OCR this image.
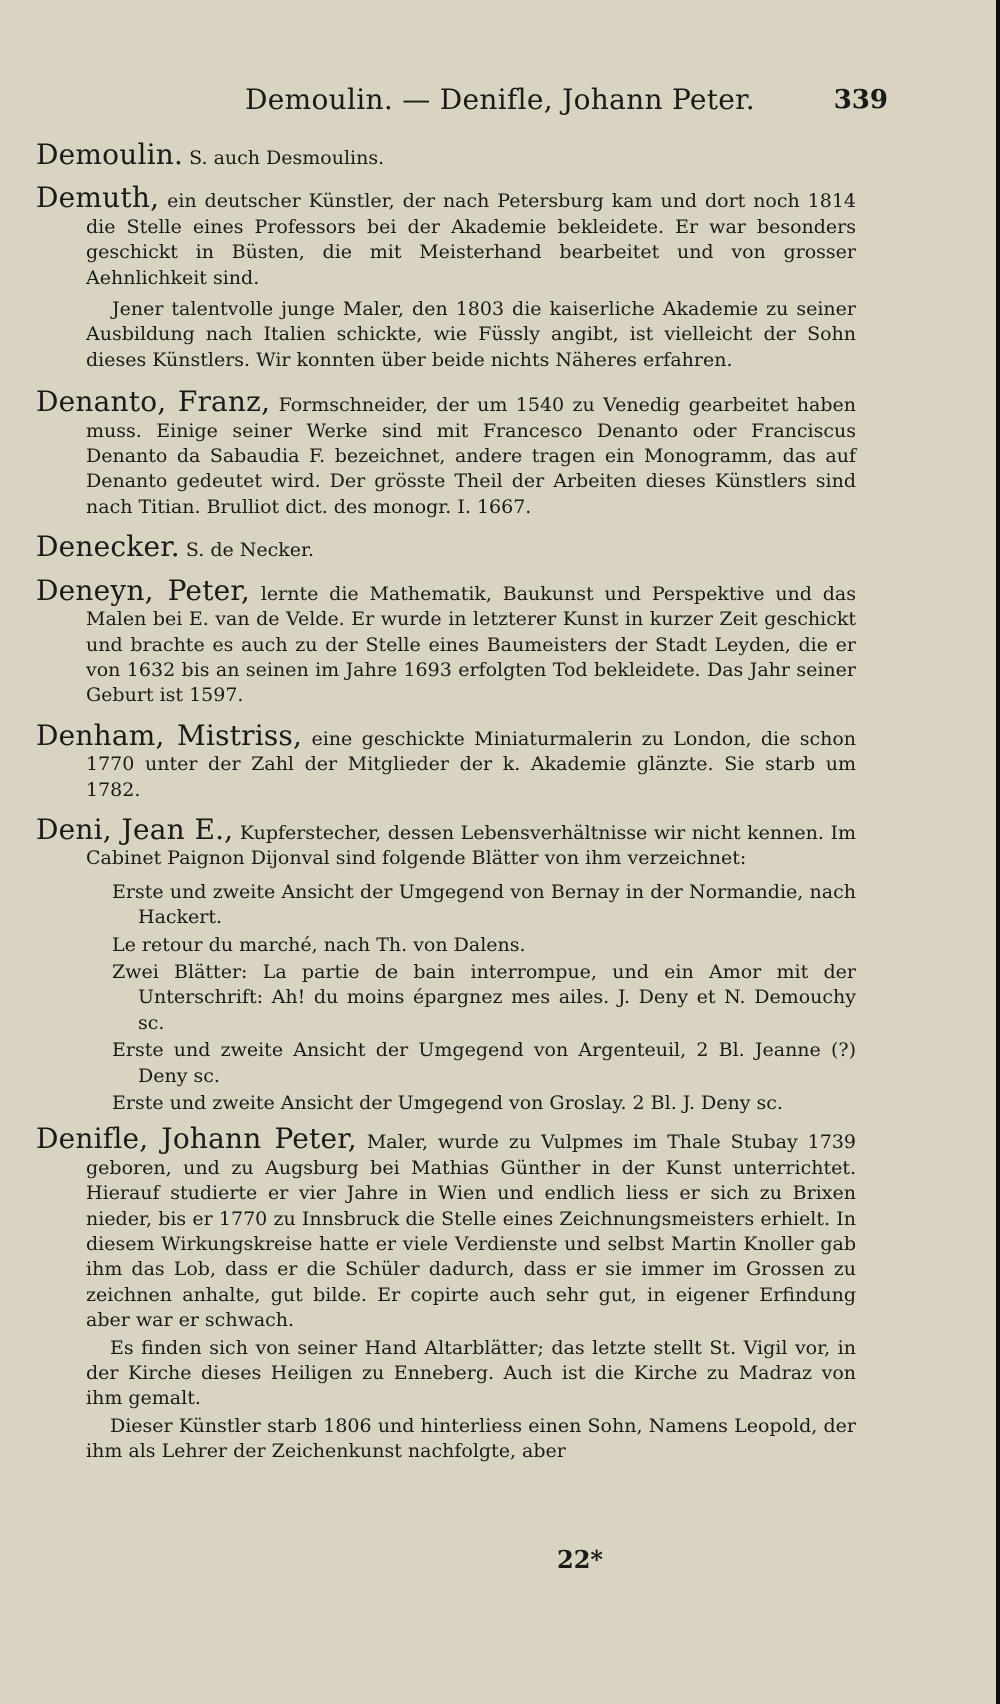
Demoulin. — Denifle, Johann Peter.	339

Demoulin. S. auch Desmoulins.

Demuth, ein deutscher Künstler, der nach Petersburg kam und dort noch 1814 die Stelle eines Professors bei der Akademie bekleidete. Er war besonders geschickt in Büsten, die mit Meisterhand bearbeitet und von grosser Aehnlichkeit sind.

Jener talentvolle junge Maler, den 1803 die kaiserliche Akademie zu seiner Ausbildung nach Italien schickte, wie Füssly angibt, ist vielleicht der Sohn dieses Künstlers. Wir konnten über beide nichts Näheres erfahren.

Denanto, Franz, Formschneider, der um 1540 zu Venedig gearbeitet haben muss. Einige seiner Werke sind mit Francesco Denanto oder Franciscus Denanto da Sabaudia F. bezeichnet, andere tragen ein Monogramm, das auf Denanto gedeutet wird. Der grösste Theil der Arbeiten dieses Künstlers sind nach Titian. Brulliot dict. des monogr. I. 1667.

Denecker. S. de Necker.

Deneyn, Peter, lernte die Mathematik, Baukunst und Perspektive und das Malen bei E. van de Velde. Er wurde in letzterer Kunst in kurzer Zeit geschickt und brachte es auch zu der Stelle eines Baumeisters der Stadt Leyden, die er von 1632 bis an seinen im Jahre 1693 erfolgten Tod bekleidete. Das Jahr seiner Geburt ist 1597.

Denham, Mistriss, eine geschickte Miniaturmalerin zu London, die schon 1770 unter der Zahl der Mitglieder der k. Akademie glänzte. Sie starb um 1782.

Deni, Jean E., Kupferstecher, dessen Lebensverhältnisse wir nicht kennen. Im Cabinet Paignon Dijonval sind folgende Blätter von ihm verzeichnet:

Erste und zweite Ansicht der Umgegend von Bernay in der Normandie, nach Hackert.
Le retour du marché, nach Th. von Dalens.
Zwei Blätter: La partie de bain interrompue, und ein Amor mit der Unterschrift: Ah! du moins épargnez mes ailes. J. Deny et N. Demouchy sc.
Erste und zweite Ansicht der Umgegend von Argenteuil, 2 Bl. Jeanne (?) Deny sc.
Erste und zweite Ansicht der Umgegend von Groslay. 2 Bl. J. Deny sc.

Denifle, Johann Peter, Maler, wurde zu Vulpmes im Thale Stubay 1739 geboren, und zu Augsburg bei Mathias Günther in der Kunst unterrichtet. Hierauf studierte er vier Jahre in Wien und endlich liess er sich zu Brixen nieder, bis er 1770 zu Innsbruck die Stelle eines Zeichnungsmeisters erhielt. In diesem Wirkungskreise hatte er viele Verdienste und selbst Martin Knoller gab ihm das Lob, dass er die Schüler dadurch, dass er sie immer im Grossen zu zeichnen anhalte, gut bilde. Er copirte auch sehr gut, in eigener Erfindung aber war er schwach.

Es finden sich von seiner Hand Altarblätter; das letzte stellt St. Vigil vor, in der Kirche dieses Heiligen zu Enneberg. Auch ist die Kirche zu Madraz von ihm gemalt.

Dieser Künstler starb 1806 und hinterliess einen Sohn, Namens Leopold, der ihm als Lehrer der Zeichenkunst nachfolgte, aber

22*
